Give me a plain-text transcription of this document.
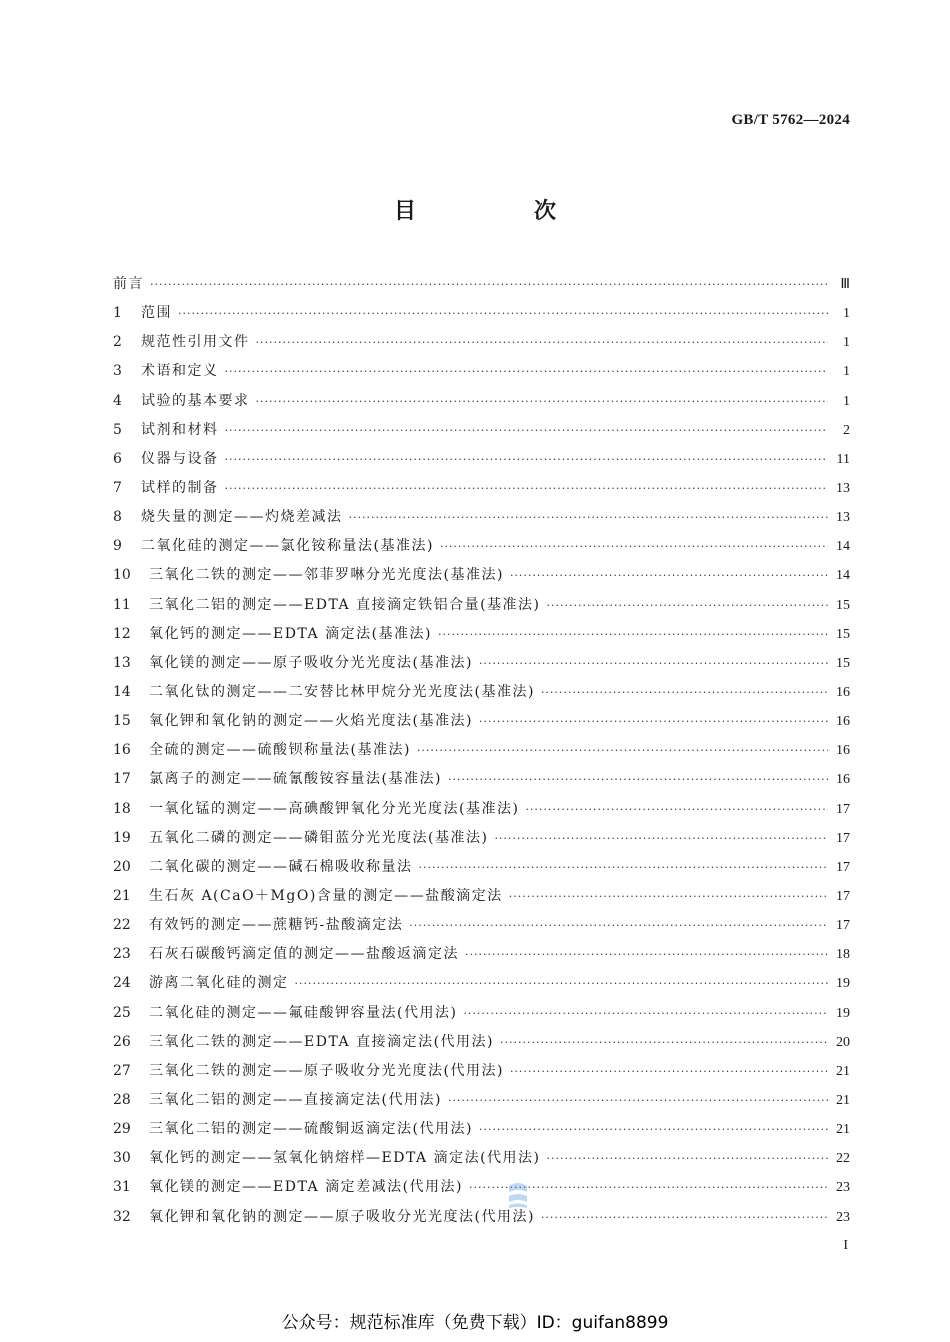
GB/T 5762—2024
目　次
前言 ·····	Ⅲ
1	范围 ·····	1
2	规范性引用文件 ·····	1
3	术语和定义 ·····	1
4	试验的基本要求 ·····	1
5	试剂和材料 ·····	2
6	仪器与设备 ·····	11
7	试样的制备 ·····	13
8	烧失量的测定——灼烧差减法 ·····	13
9	二氧化硅的测定——氯化铵称量法(基准法) ·····	14
10	三氧化二铁的测定——邻菲罗啉分光光度法(基准法) ·····	14
11	三氧化二铝的测定——EDTA 直接滴定铁铝合量(基准法) ·····	15
12	氧化钙的测定——EDTA 滴定法(基准法) ·····	15
13	氧化镁的测定——原子吸收分光光度法(基准法) ·····	15
14	二氧化钛的测定——二安替比林甲烷分光光度法(基准法) ·····	16
15	氧化钾和氧化钠的测定——火焰光度法(基准法) ·····	16
16	全硫的测定——硫酸钡称量法(基准法) ·····	16
17	氯离子的测定——硫氰酸铵容量法(基准法) ·····	16
18	一氧化锰的测定——高碘酸钾氧化分光光度法(基准法) ·····	17
19	五氧化二磷的测定——磷钼蓝分光光度法(基准法) ·····	17
20	二氧化碳的测定——碱石棉吸收称量法 ·····	17
21	生石灰 A(CaO＋MgO)含量的测定——盐酸滴定法 ·····	17
22	有效钙的测定——蔗糖钙-盐酸滴定法 ·····	17
23	石灰石碳酸钙滴定值的测定——盐酸返滴定法 ·····	18
24	游离二氧化硅的测定 ·····	19
25	二氧化硅的测定——氟硅酸钾容量法(代用法) ·····	19
26	三氧化二铁的测定——EDTA 直接滴定法(代用法) ·····	20
27	三氧化二铁的测定——原子吸收分光光度法(代用法) ·····	21
28	三氧化二铝的测定——直接滴定法(代用法) ·····	21
29	三氧化二铝的测定——硫酸铜返滴定法(代用法) ·····	21
30	氧化钙的测定——氢氧化钠熔样—EDTA 滴定法(代用法) ·····	22
31	氧化镁的测定——EDTA 滴定差减法(代用法) ·····	23
32	氧化钾和氧化钠的测定——原子吸收分光光度法(代用法) ·····	23
I
公众号：规范标准库（免费下载）ID：guifan8899
